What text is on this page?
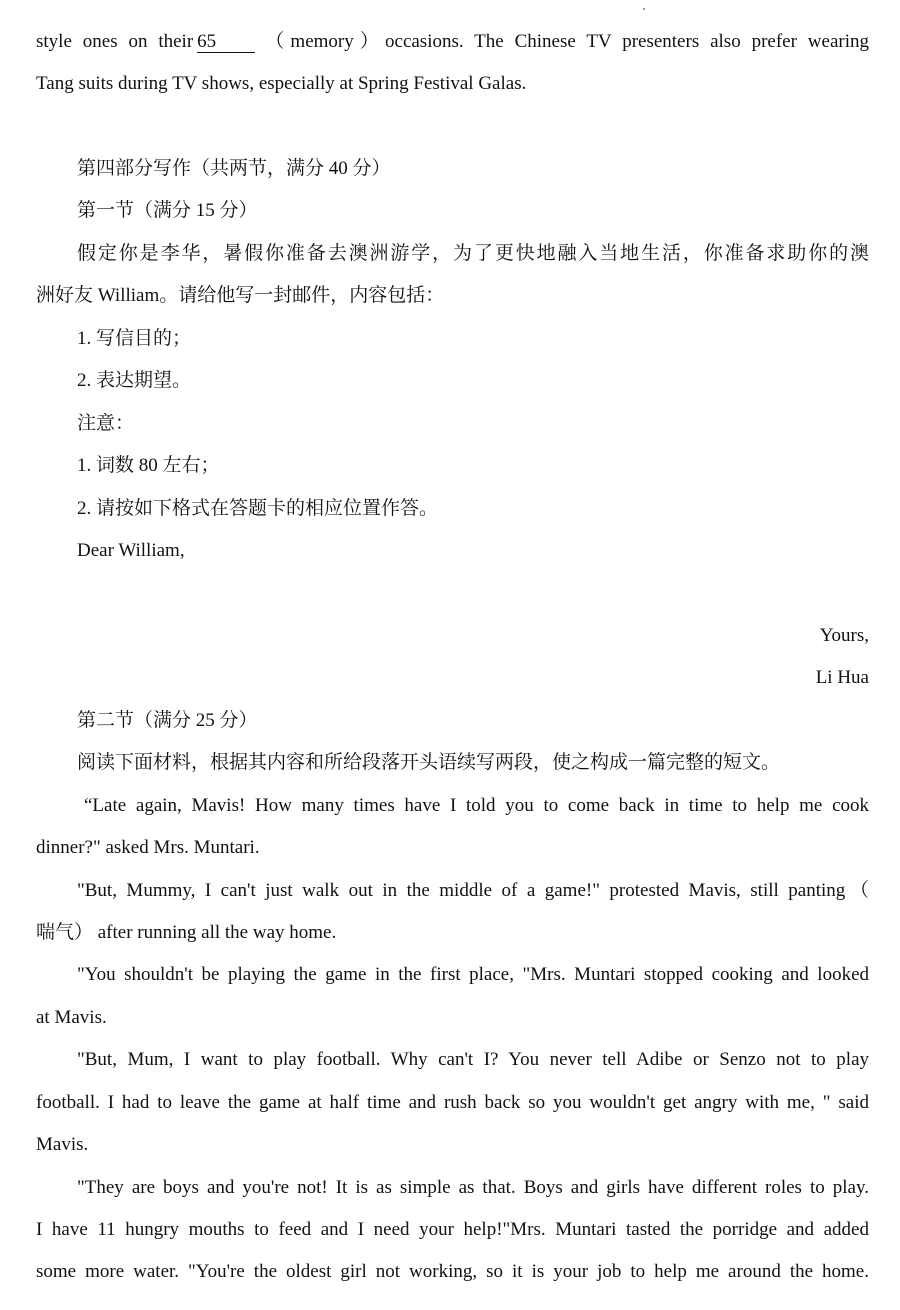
style ones on their 65 （memory）occasions. The Chinese TV presenters also prefer wearing
Tang suits during TV shows, especially at Spring Festival Galas.
第四部分写作（共两节，满分 40 分）
第一节（满分 15 分）
假定你是李华，暑假你准备去澳洲游学，为了更快地融入当地生活，你准备求助你的澳
洲好友 William。请给他写一封邮件，内容包括：
1. 写信目的；
2. 表达期望。
注意：
1. 词数 80 左右；
2. 请按如下格式在答题卡的相应位置作答。
Dear William,
Yours,
Li Hua
第二节（满分 25 分）
阅读下面材料，根据其内容和所给段落开头语续写两段，使之构成一篇完整的短文。
“Late again, Mavis! How many times have I told you to come back in time to help me cook
dinner?" asked Mrs. Muntari.
"But, Mummy, I can't just walk out in the middle of a game!" protested Mavis, still panting（
喘气） after running all the way home.
"You shouldn't be playing the game in the first place, "Mrs. Muntari stopped cooking and looked
at Mavis.
"But, Mum, I want to play football. Why can't I? You never tell Adibe or Senzo not to play
football. I had to leave the game at half time and rush back so you wouldn't get angry with me, " said
Mavis.
"They are boys and you're not! It is as simple as that. Boys and girls have different roles to play.
I have 11 hungry mouths to feed and I need your help!"Mrs. Muntari tasted the porridge and added
some more water. "You're the oldest girl not working, so it is your job to help me around the home.
